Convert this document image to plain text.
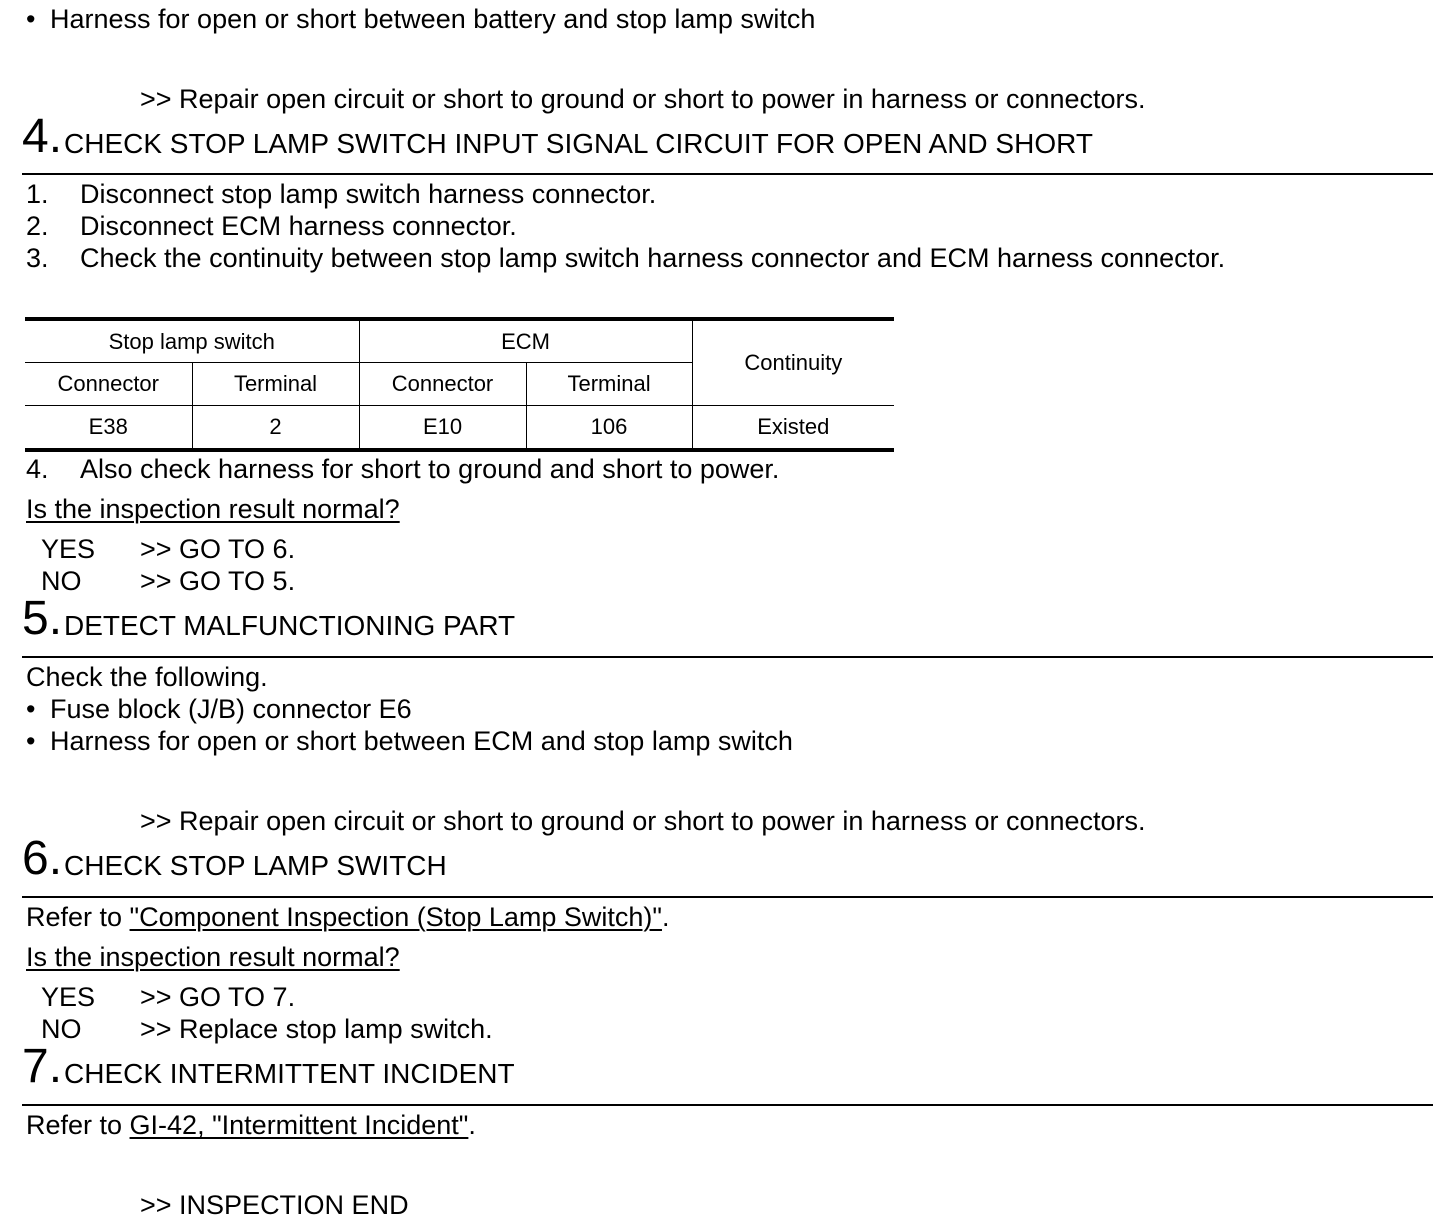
• Harness for open or short between battery and stop lamp switch
>> Repair open circuit or short to ground or short to power in harness or connectors.
4. CHECK STOP LAMP SWITCH INPUT SIGNAL CIRCUIT FOR OPEN AND SHORT
1. Disconnect stop lamp switch harness connector.
2. Disconnect ECM harness connector.
3. Check the continuity between stop lamp switch harness connector and ECM harness connector.
Stop lamp switch		ECM		Continuity
Connector	Terminal	Connector	Terminal	
E38	2	E10	106	Existed
4. Also check harness for short to ground and short to power.
Is the inspection result normal?
YES >> GO TO 6.
NO >> GO TO 5.
5. DETECT MALFUNCTIONING PART
Check the following.
• Fuse block (J/B) connector E6
• Harness for open or short between ECM and stop lamp switch
>> Repair open circuit or short to ground or short to power in harness or connectors.
6. CHECK STOP LAMP SWITCH
Refer to "Component Inspection (Stop Lamp Switch)".
Is the inspection result normal?
YES >> GO TO 7.
NO >> Replace stop lamp switch.
7. CHECK INTERMITTENT INCIDENT
Refer to GI-42, "Intermittent Incident".
>> INSPECTION END
